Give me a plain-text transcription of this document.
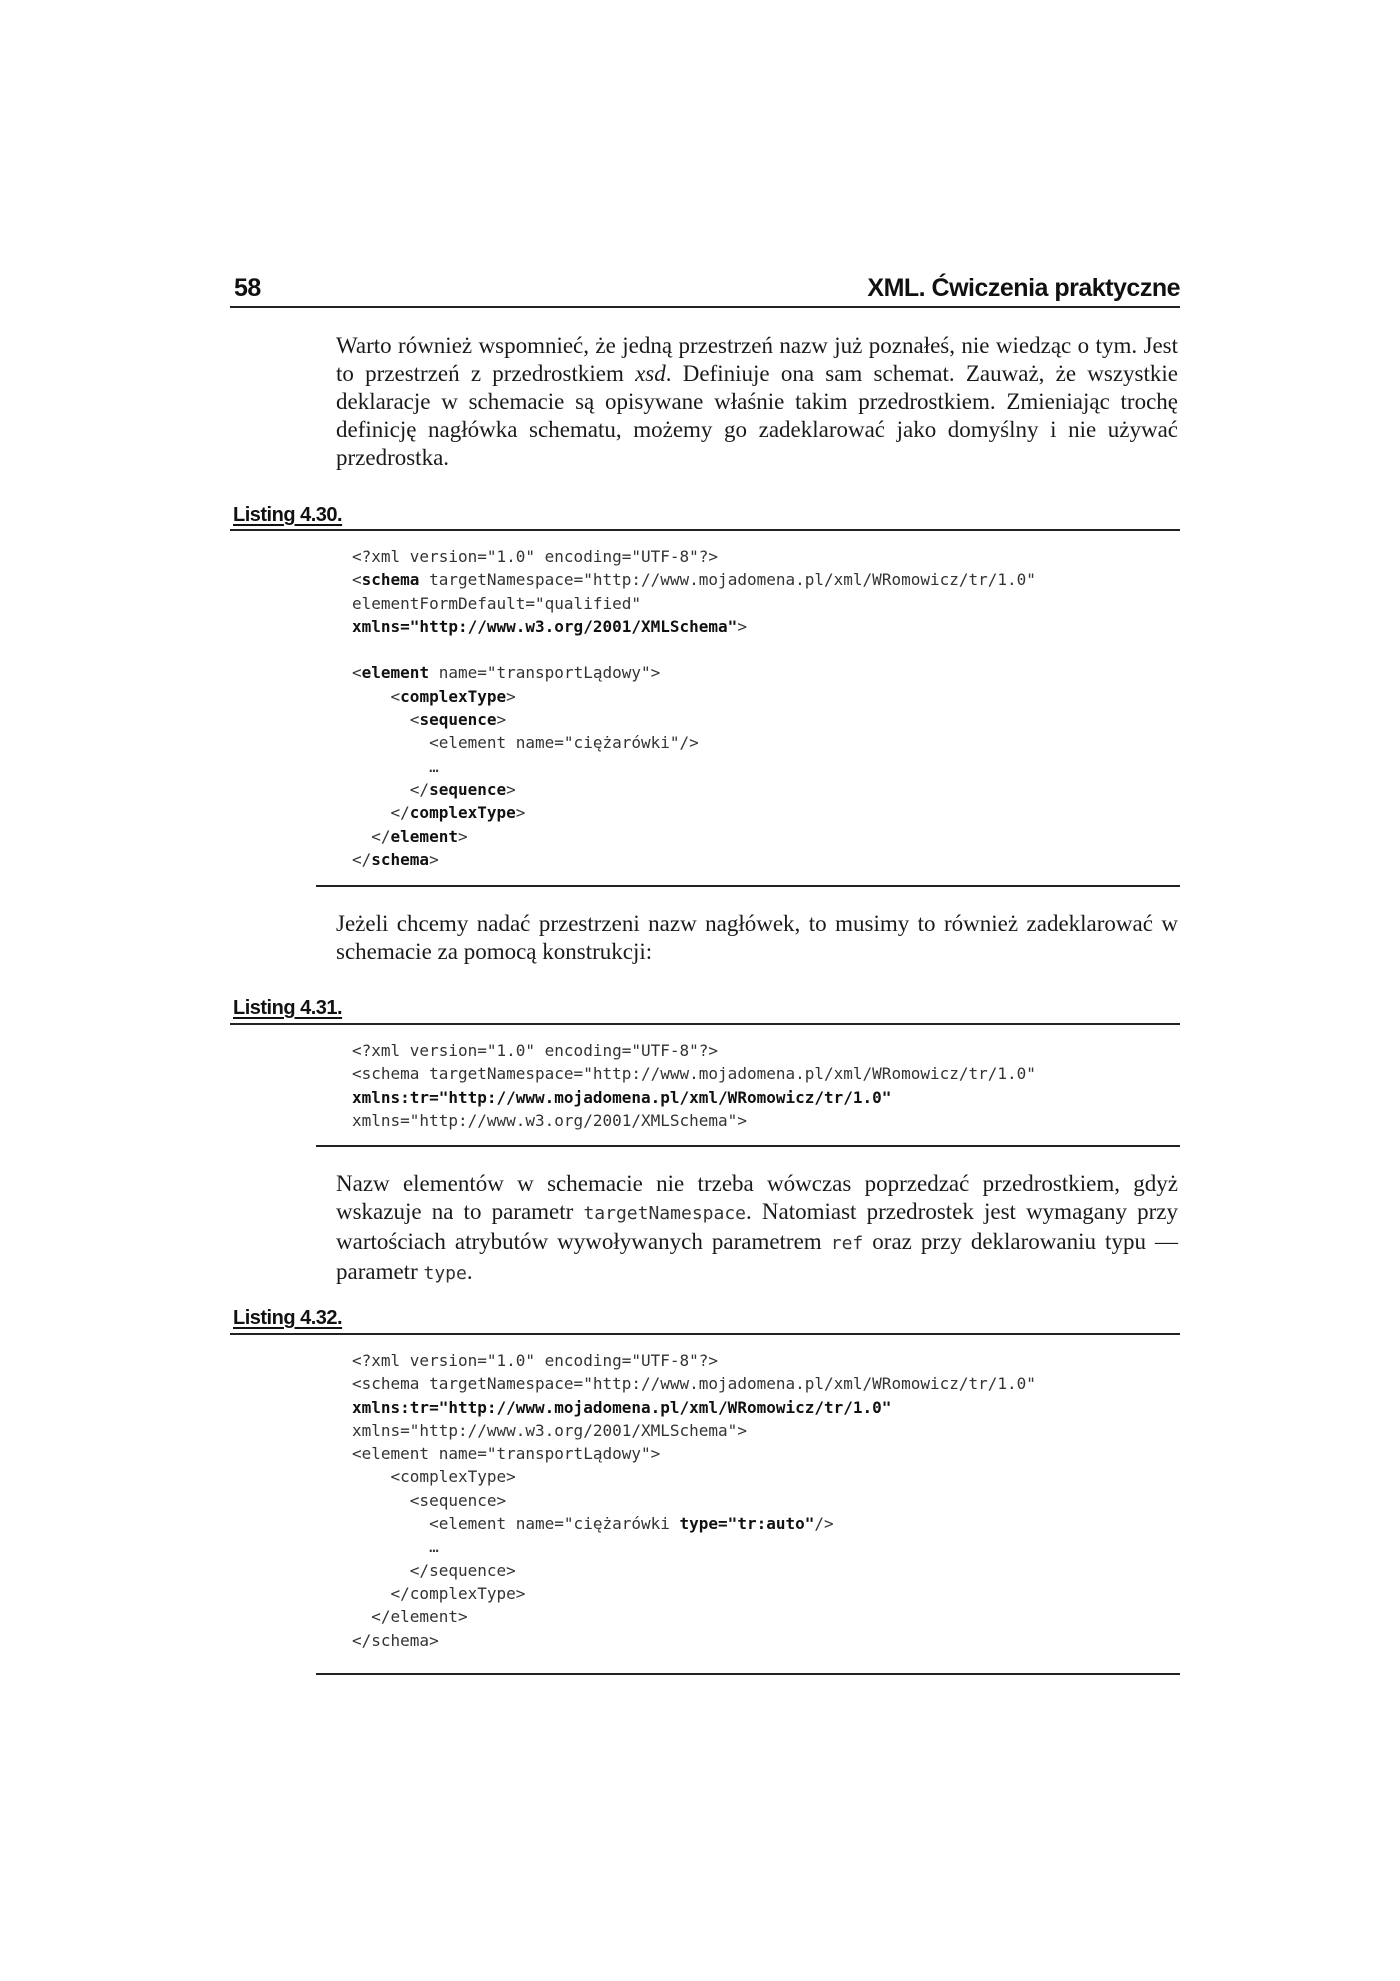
58	XML. Ćwiczenia praktyczne

Warto również wspomnieć, że jedną przestrzeń nazw już poznałeś, nie wiedząc o tym. Jest to przestrzeń z przedrostkiem xsd. Definiuje ona sam schemat. Zauważ, że wszystkie deklaracje w schemacie są opisywane właśnie takim przedrostkiem. Zmieniając trochę definicję nagłówka schematu, możemy go zadeklarować jako domyślny i nie używać przedrostka.

Listing 4.30.
<?xml version="1.0" encoding="UTF-8"?>
<schema targetNamespace="http://www.mojadomena.pl/xml/WRomowicz/tr/1.0"
elementFormDefault="qualified"
xmlns="http://www.w3.org/2001/XMLSchema">

<element name="transportLądowy">
<complexType>
<sequence>
<element name="ciężarówki"/>
…
</sequence>
</complexType>
</element>
</schema>

Jeżeli chcemy nadać przestrzeni nazw nagłówek, to musimy to również zadeklarować w schemacie za pomocą konstrukcji:

Listing 4.31.
<?xml version="1.0" encoding="UTF-8"?>
<schema targetNamespace="http://www.mojadomena.pl/xml/WRomowicz/tr/1.0"
xmlns:tr="http://www.mojadomena.pl/xml/WRomowicz/tr/1.0"
xmlns="http://www.w3.org/2001/XMLSchema">

Nazw elementów w schemacie nie trzeba wówczas poprzedzać przedrostkiem, gdyż wskazuje na to parametr targetNamespace. Natomiast przedrostek jest wymagany przy wartościach atrybutów wywoływanych parametrem ref oraz przy deklarowaniu typu — parametr type.

Listing 4.32.
<?xml version="1.0" encoding="UTF-8"?>
<schema targetNamespace="http://www.mojadomena.pl/xml/WRomowicz/tr/1.0"
xmlns:tr="http://www.mojadomena.pl/xml/WRomowicz/tr/1.0"
xmlns="http://www.w3.org/2001/XMLSchema">
<element name="transportLądowy">
<complexType>
<sequence>
<element name="ciężarówki type="tr:auto"/>
…
</sequence>
</complexType>
</element>
</schema>
